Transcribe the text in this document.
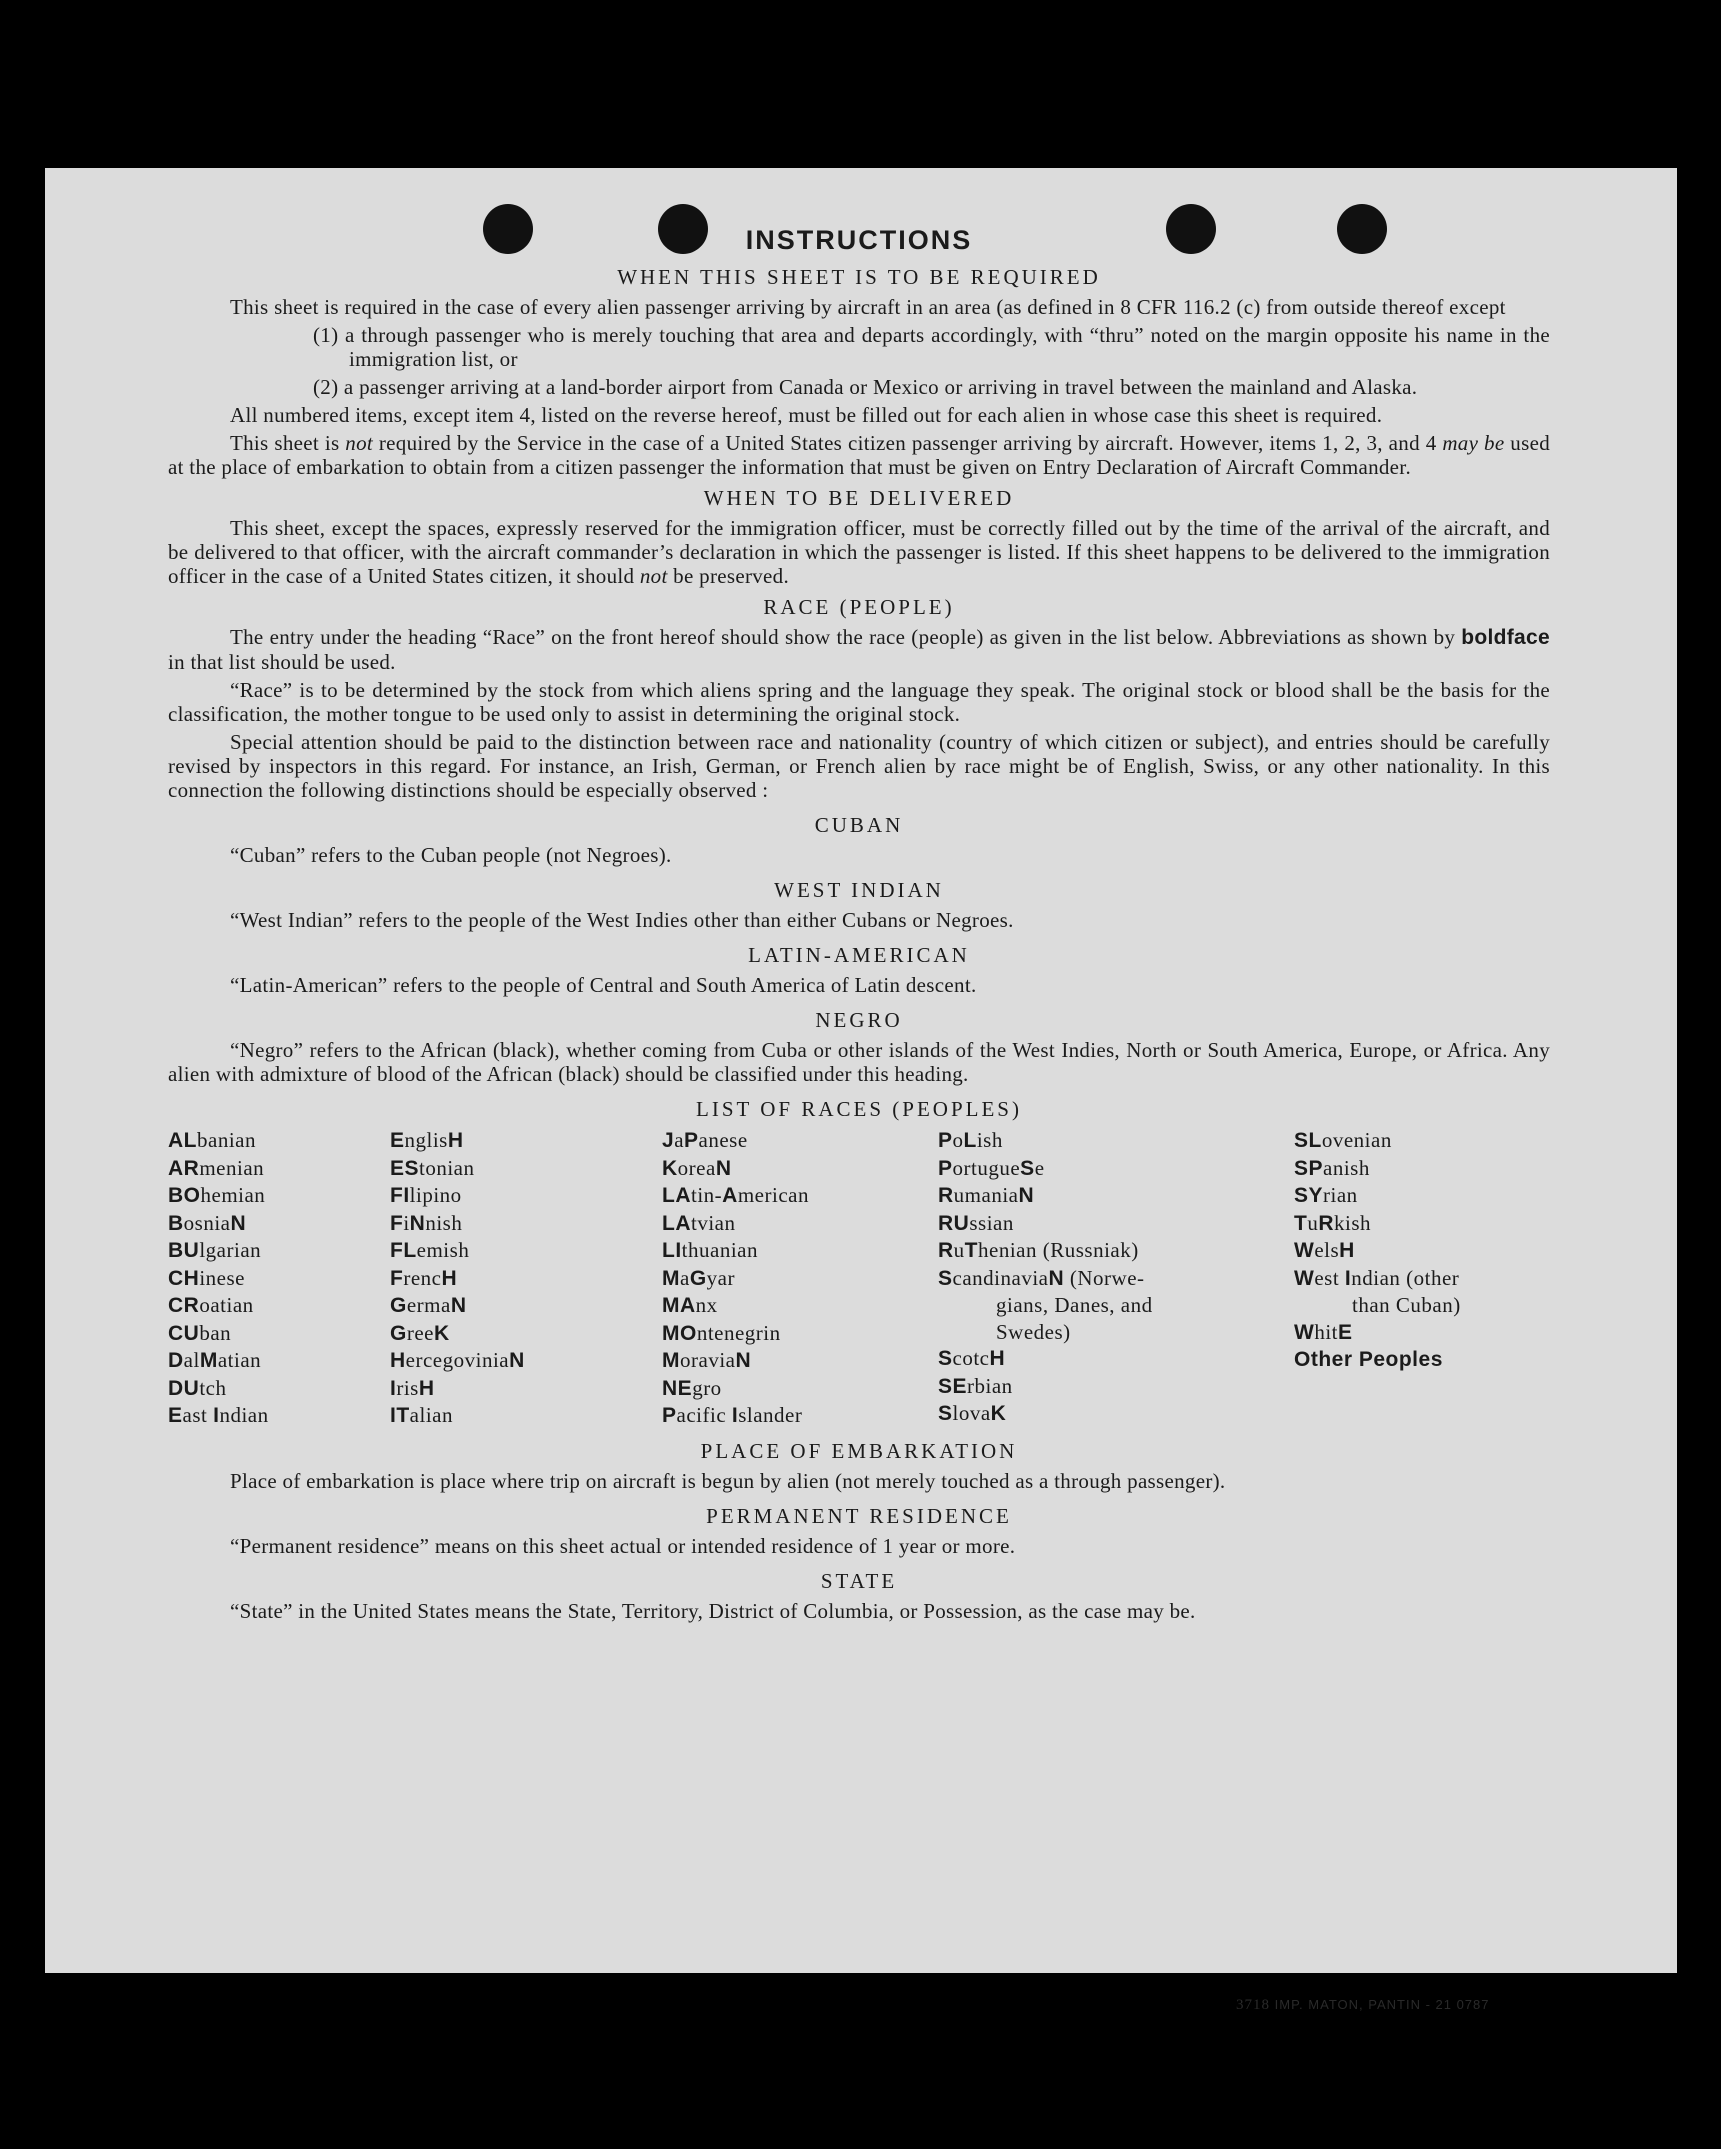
INSTRUCTIONS
WHEN THIS SHEET IS TO BE REQUIRED

This sheet is required in the case of every alien passenger arriving by aircraft in an area (as defined in 8 CFR 116.2 (c) from outside thereof except

(1) a through passenger who is merely touching that area and departs accordingly, with “thru” noted on the margin opposite his name in the immigration list, or

(2) a passenger arriving at a land-border airport from Canada or Mexico or arriving in travel between the mainland and Alaska.

All numbered items, except item 4, listed on the reverse hereof, must be filled out for each alien in whose case this sheet is required.

This sheet is not required by the Service in the case of a United States citizen passenger arriving by aircraft. However, items 1, 2, 3, and 4 may be used at the place of embarkation to obtain from a citizen passenger the information that must be given on Entry Declaration of Aircraft Commander.

WHEN TO BE DELIVERED

This sheet, except the spaces, expressly reserved for the immigration officer, must be correctly filled out by the time of the arrival of the aircraft, and be delivered to that officer, with the aircraft commander’s declaration in which the passenger is listed. If this sheet happens to be delivered to the immigration officer in the case of a United States citizen, it should not be preserved.

RACE (PEOPLE)

The entry under the heading “Race” on the front hereof should show the race (people) as given in the list below. Abbreviations as shown by boldface in that list should be used.

“Race” is to be determined by the stock from which aliens spring and the language they speak. The original stock or blood shall be the basis for the classification, the mother tongue to be used only to assist in determining the original stock.

Special attention should be paid to the distinction between race and nationality (country of which citizen or subject), and entries should be carefully revised by inspectors in this regard. For instance, an Irish, German, or French alien by race might be of English, Swiss, or any other nationality. In this connection the following distinctions should be especially observed :

CUBAN

“Cuban” refers to the Cuban people (not Negroes).

WEST INDIAN

“West Indian” refers to the people of the West Indies other than either Cubans or Negroes.

LATIN-AMERICAN

“Latin-American” refers to the people of Central and South America of Latin descent.

NEGRO

“Negro” refers to the African (black), whether coming from Cuba or other islands of the West Indies, North or South America, Europe, or Africa. Any alien with admixture of blood of the African (black) should be classified under this heading.

LIST OF RACES (PEOPLES)
ALbanian
ARmenian
BOhemian
BosniaN
BUlgarian
CHinese
CRoatian
CUban
DalMatian
DUtch
East Indian
EnglisH
EStonian
FIlipino
FiNnish
FLemish
FrencH
GermaN
GreeK
HercegoviniaN
IrisH
ITalian
JaPanese
KoreaN
LAtin-American
LAtvian
LIthuanian
MaGyar
MAnx
MOntenegrin
MoraviaN
NEgro
Pacific Islander
PoLish
PortugueSe
RumaniaN
RUssian
RuThenian (Russniak)
ScandinaviaN (Norwe-
gians, Danes, and
Swedes)
ScotcH
SErbian
SlovaK
SLovenian
SPanish
SYrian
TuRkish
WelsH
West Indian (other
than Cuban)
WhitE
Other Peoples
PLACE OF EMBARKATION

Place of embarkation is place where trip on aircraft is begun by alien (not merely touched as a through passenger).

PERMANENT RESIDENCE

“Permanent residence” means on this sheet actual or intended residence of 1 year or more.

STATE

“State” in the United States means the State, Territory, District of Columbia, or Possession, as the case may be.

3718 IMP. MATON, PANTIN - 21 0787
